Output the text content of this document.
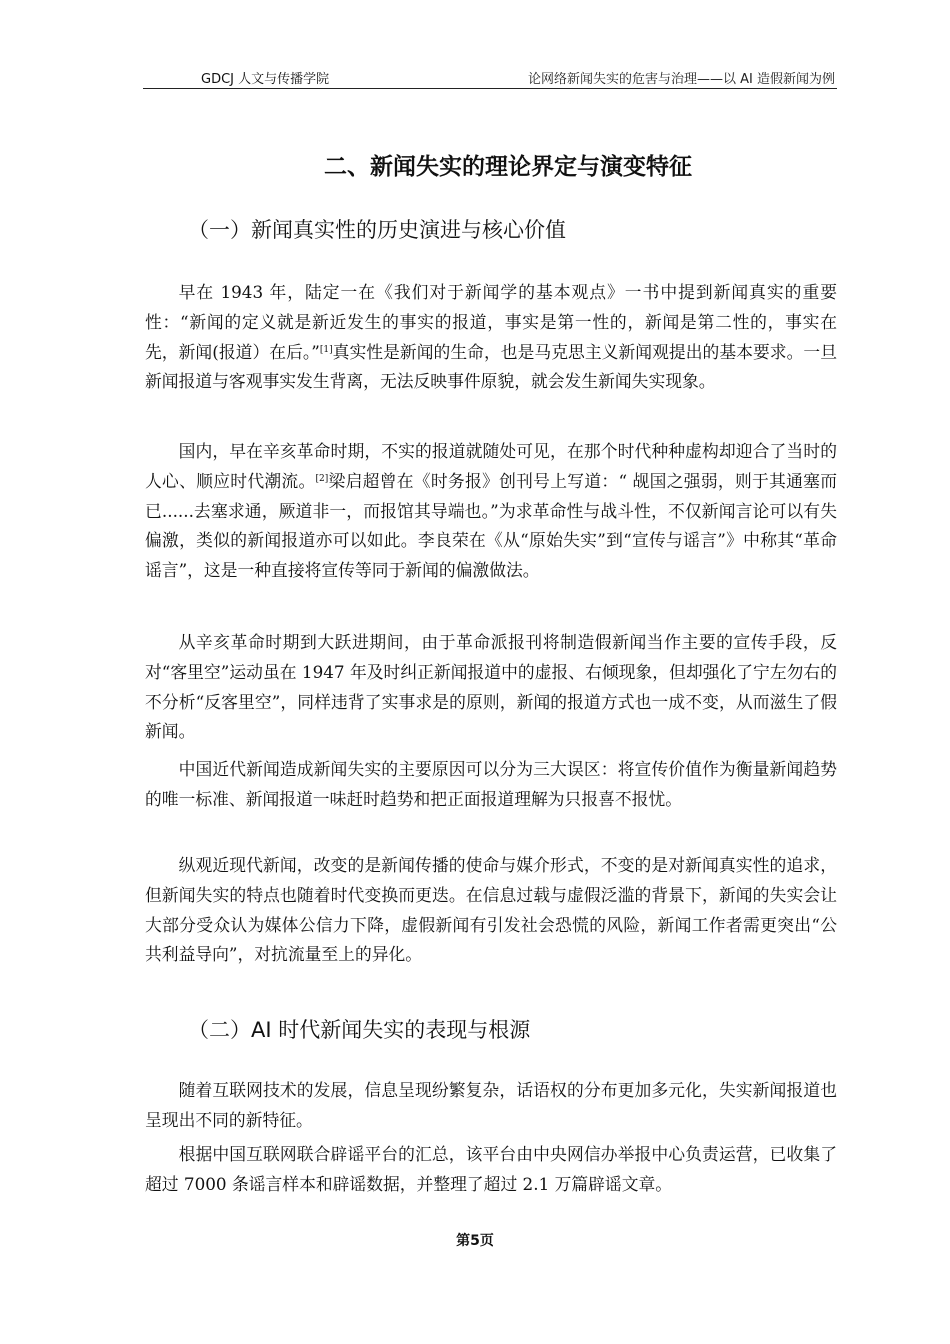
GDCJ 人文与传播学院	论网络新闻失实的危害与治理——以 AI 造假新闻为例
二、新闻失实的理论界定与演变特征
（一）新闻真实性的历史演进与核心价值

早在 1943 年，陆定一在《我们对于新闻学的基本观点》一书中提到新闻真实的重要性：“新闻的定义就是新近发生的事实的报道，事实是第一性的，新闻是第二性的，事实在先，新闻(报道）在后。”[1]真实性是新闻的生命，也是马克思主义新闻观提出的基本要求。一旦新闻报道与客观事实发生背离，无法反映事件原貌，就会发生新闻失实现象。

国内，早在辛亥革命时期，不实的报道就随处可见，在那个时代种种虚构却迎合了当时的人心、顺应时代潮流。[2]梁启超曾在《时务报》创刊号上写道：“ 觇国之强弱，则于其通塞而已......去塞求通，厥道非一，而报馆其导端也。”为求革命性与战斗性，不仅新闻言论可以有失偏激，类似的新闻报道亦可以如此。李良荣在《从“原始失实”到“宣传与谣言”》中称其“革命谣言”，这是一种直接将宣传等同于新闻的偏激做法。

从辛亥革命时期到大跃进期间，由于革命派报刊将制造假新闻当作主要的宣传手段，反对“客里空”运动虽在 1947 年及时纠正新闻报道中的虚报、右倾现象，但却强化了宁左勿右的不分析“反客里空”，同样违背了实事求是的原则，新闻的报道方式也一成不变，从而滋生了假新闻。

中国近代新闻造成新闻失实的主要原因可以分为三大误区：将宣传价值作为衡量新闻趋势的唯一标准、新闻报道一味赶时趋势和把正面报道理解为只报喜不报忧。

纵观近现代新闻，改变的是新闻传播的使命与媒介形式，不变的是对新闻真实性的追求，但新闻失实的特点也随着时代变换而更迭。在信息过载与虚假泛滥的背景下，新闻的失实会让大部分受众认为媒体公信力下降，虚假新闻有引发社会恐慌的风险，新闻工作者需更突出“公共利益导向”，对抗流量至上的异化。

（二）AI 时代新闻失实的表现与根源

随着互联网技术的发展，信息呈现纷繁复杂，话语权的分布更加多元化，失实新闻报道也呈现出不同的新特征。

根据中国互联网联合辟谣平台的汇总，该平台由中央网信办举报中心负责运营，已收集了超过 7000 条谣言样本和辟谣数据，并整理了超过 2.1 万篇辟谣文章。

第5页
